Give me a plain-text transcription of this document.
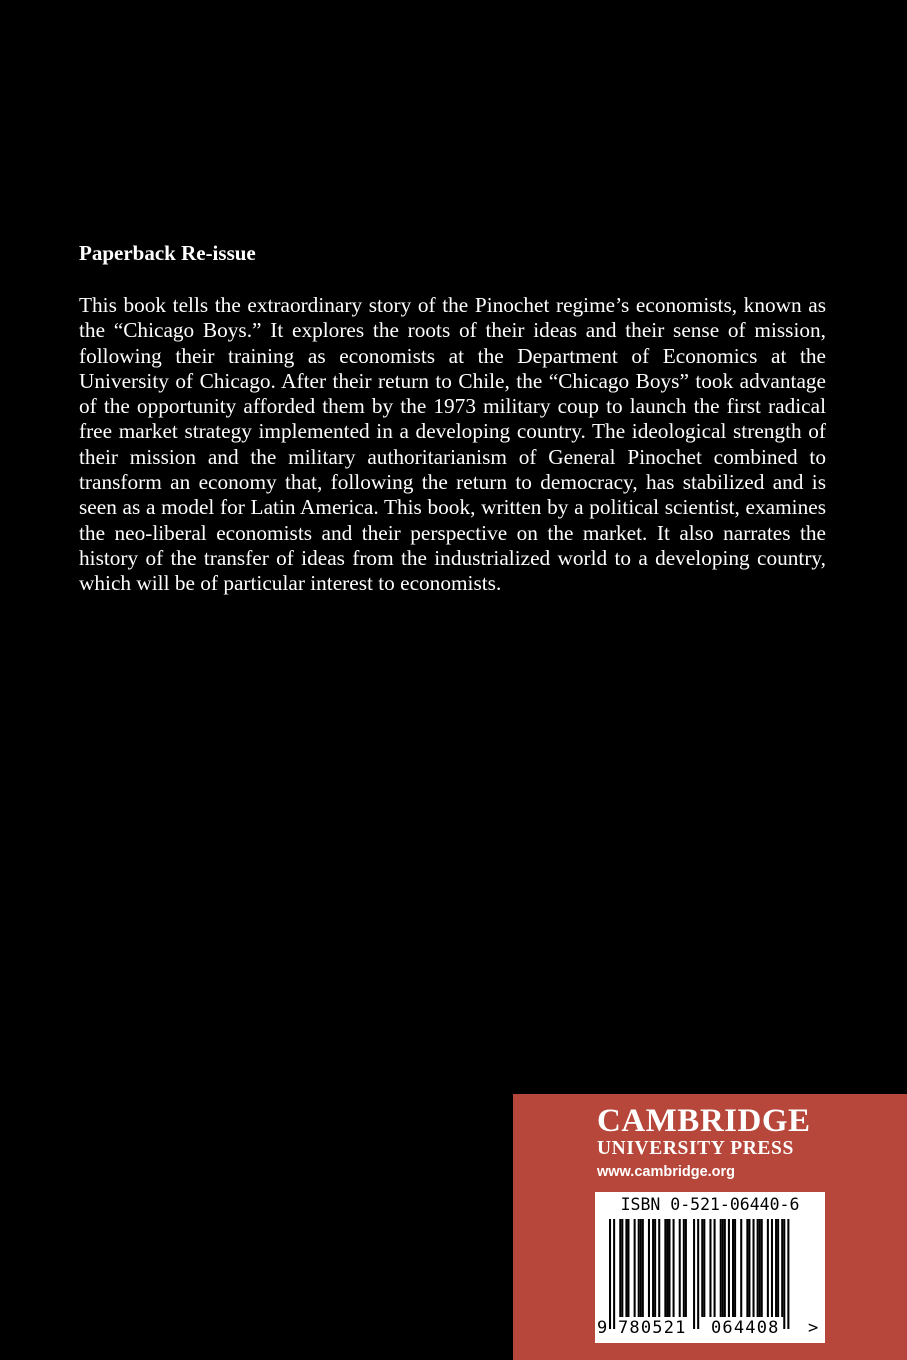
Paperback Re-issue

This book tells the extraordinary story of the Pinochet regime’s economists, known as the “Chicago Boys.” It explores the roots of their ideas and their sense of mission, following their training as economists at the Department of Economics at the University of Chicago. After their return to Chile, the “Chicago Boys” took advantage of the opportunity afforded them by the 1973 military coup to launch the first radical free market strategy implemented in a developing country. The ideological strength of their mission and the military authoritarianism of General Pinochet combined to transform an economy that, following the return to democracy, has stabilized and is seen as a model for Latin America. This book, written by a political scientist, examines the neo-liberal economists and their perspective on the market. It also narrates the history of the transfer of ideas from the industrialized world to a developing country, which will be of particular interest to economists.

CAMBRIDGE
UNIVERSITY PRESS
www.cambridge.org
ISBN 0-521-06440-6
9 780521 064408 >
